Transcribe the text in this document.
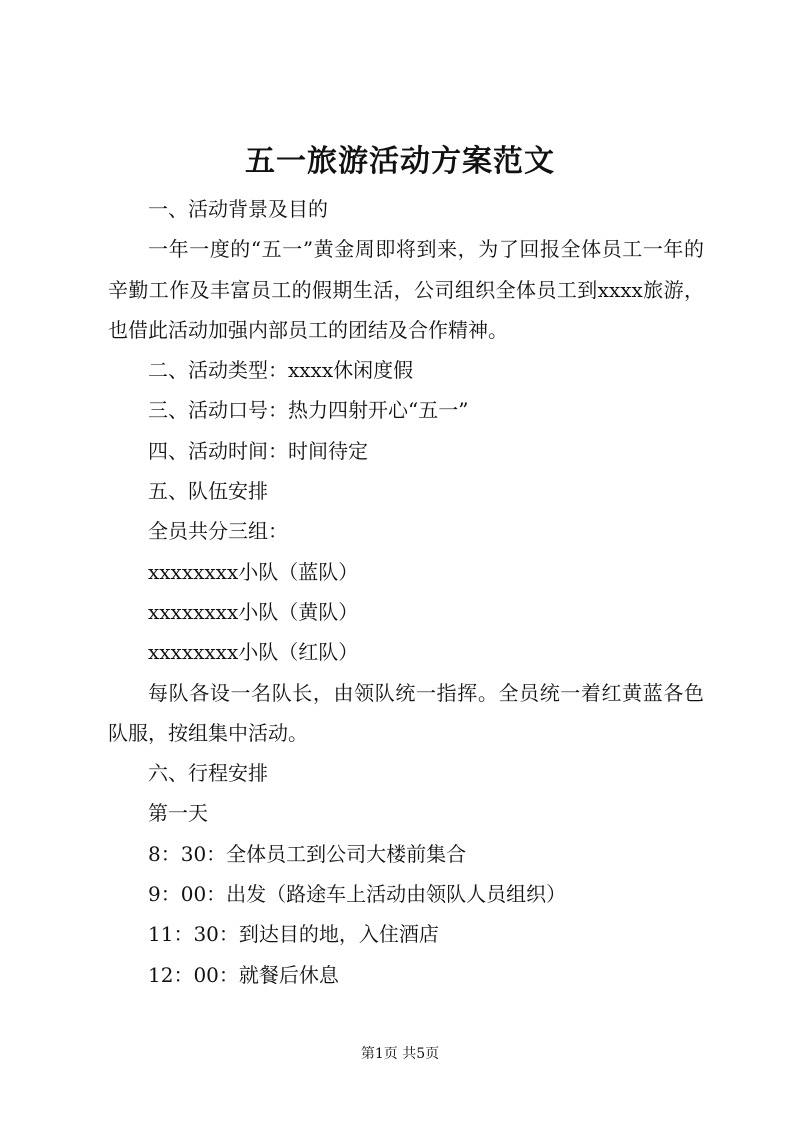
五一旅游活动方案范文

一、活动背景及目的

一年一度的“五一”黄金周即将到来，为了回报全体员工一年的辛勤工作及丰富员工的假期生活，公司组织全体员工到xxxx旅游，也借此活动加强内部员工的团结及合作精神。

二、活动类型：xxxx休闲度假

三、活动口号：热力四射开心“五一”

四、活动时间：时间待定

五、队伍安排

全员共分三组：

xxxxxxxx小队（蓝队）

xxxxxxxx小队（黄队）

xxxxxxxx小队（红队）

每队各设一名队长，由领队统一指挥。全员统一着红黄蓝各色队服，按组集中活动。

六、行程安排

第一天

8：30：全体员工到公司大楼前集合

9：00：出发（路途车上活动由领队人员组织）

11：30：到达目的地，入住酒店

12：00：就餐后休息

第1页 共5页
